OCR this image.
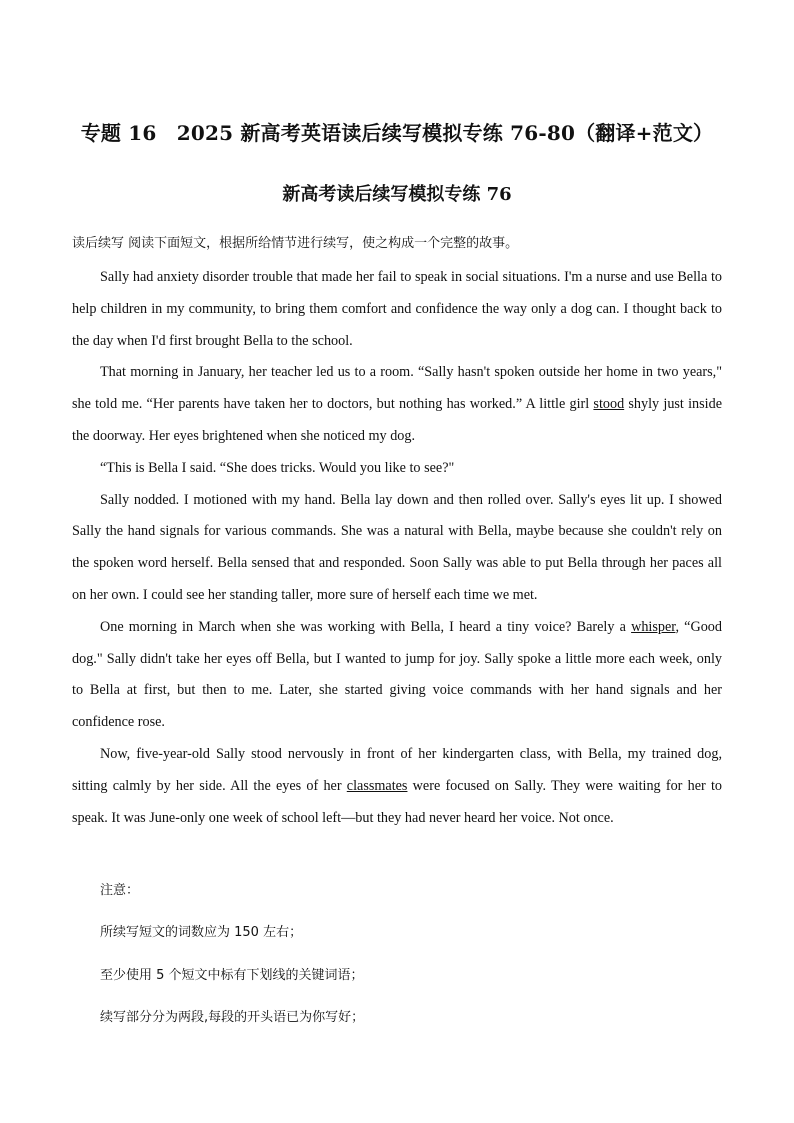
专题 16　2025 新高考英语读后续写模拟专练 76-80（翻译+范文）
新高考读后续写模拟专练 76
读后续写 阅读下面短文，根据所给情节进行续写，使之构成一个完整的故事。

Sally had anxiety disorder trouble that made her fail to speak in social situations. I'm a nurse and use Bella to help children in my community, to bring them comfort and confidence the way only a dog can. I thought back to the day when I'd first brought Bella to the school.

That morning in January, her teacher led us to a room. “Sally hasn't spoken outside her home in two years," she told me. “Her parents have taken her to doctors, but nothing has worked.” A little girl stood shyly just inside the doorway. Her eyes brightened when she noticed my dog.

“This is Bella I said. “She does tricks. Would you like to see?"

Sally nodded. I motioned with my hand. Bella lay down and then rolled over. Sally's eyes lit up. I showed Sally the hand signals for various commands. She was a natural with Bella, maybe because she couldn't rely on the spoken word herself. Bella sensed that and responded. Soon Sally was able to put Bella through her paces all on her own. I could see her standing taller, more sure of herself each time we met.

One morning in March when she was working with Bella, I heard a tiny voice? Barely a whisper, “Good dog." Sally didn't take her eyes off Bella, but I wanted to jump for joy. Sally spoke a little more each week, only to Bella at first, but then to me. Later, she started giving voice commands with her hand signals and her confidence rose.

Now, five-year-old Sally stood nervously in front of her kindergarten class, with Bella, my trained dog, sitting calmly by her side. All the eyes of her classmates were focused on Sally. They were waiting for her to speak. It was June-only one week of school left—but they had never heard her voice. Not once.

注意：
所续写短文的词数应为 150 左右；
至少使用 5 个短文中标有下划线的关键词语；
续写部分分为两段,每段的开头语已为你写好；
